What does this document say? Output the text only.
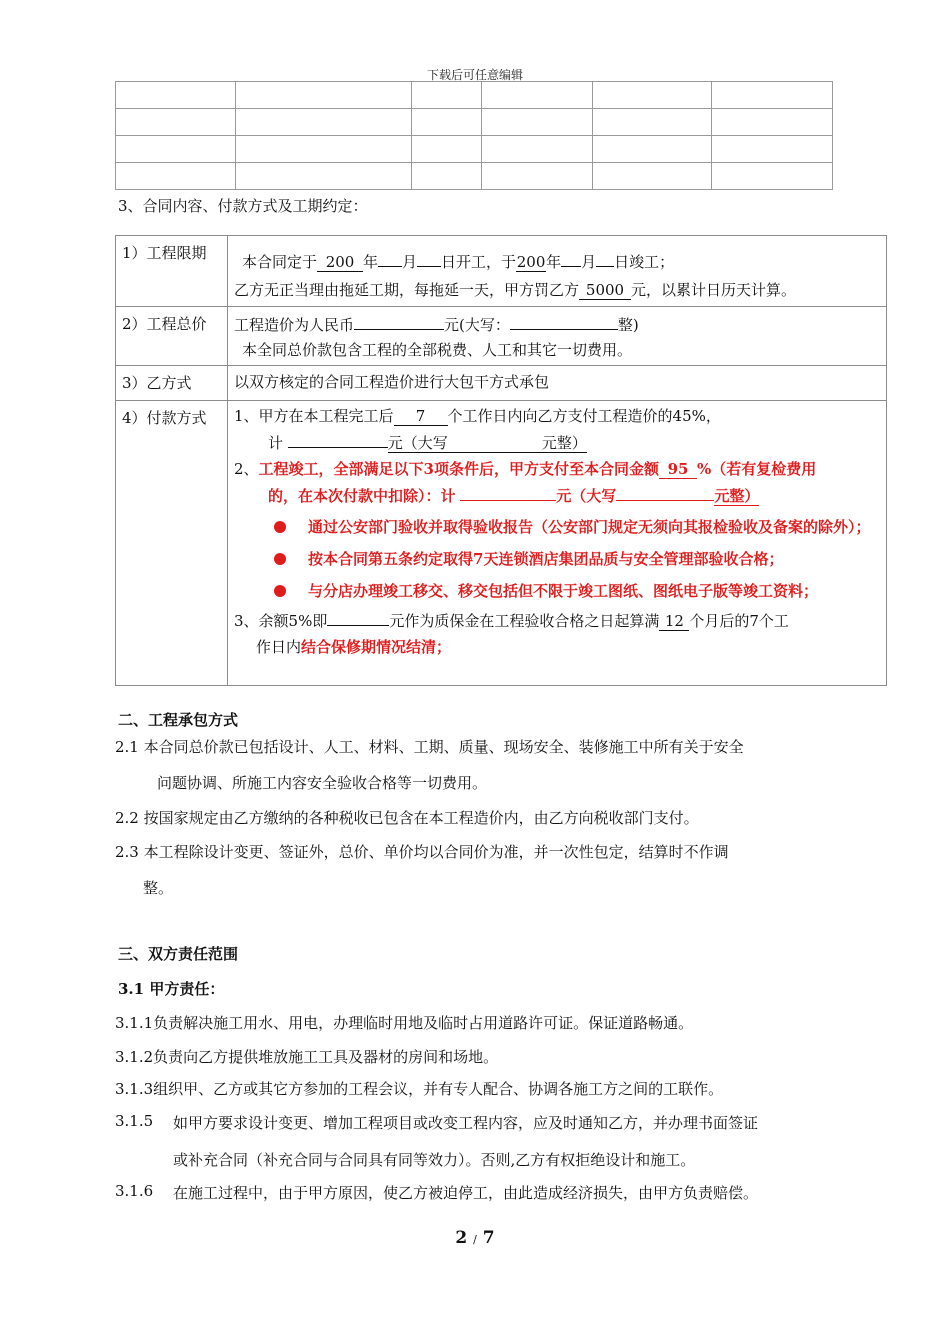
下载后可任意编辑

3、合同内容、付款方式及工期约定：
1）工程限期	本合同定于 200 年 月 日开工，于200年 月 日竣工；
乙方无正当理由拖延工期，每拖延一天，甲方罚乙方 5000 元，以累计日历天计算。
2）工程总价	工程造价为人民币	元(大写：	整)
本全同总价款包含工程的全部税费、人工和其它一切费用。
3）乙方式	以双方核定的合同工程造价进行大包干方式承包
4）付款方式	1、甲方在本工程完工后 7 个工作日内向乙方支付工程造价的45%，
计	元（大写	元整）
2、工程竣工，全部满足以下3项条件后，甲方支付至本合同金额 95 %（若有复检费用
的，在本次付款中扣除）：计	元（大写	元整）
通过公安部门验收并取得验收报告（公安部门规定无须向其报检验收及备案的除外）；
按本合同第五条约定取得7天连锁酒店集团品质与安全管理部验收合格；
与分店办理竣工移交、移交包括但不限于竣工图纸、图纸电子版等竣工资料；
3、余额5%即	元作为质保金在工程验收合格之日起算满 12 个月后的7个工
作日内结合保修期情况结清；
二、工程承包方式
2.1 本合同总价款已包括设计、人工、材料、工期、质量、现场安全、装修施工中所有关于安全
问题协调、所施工内容安全验收合格等一切费用。
2.2 按国家规定由乙方缴纳的各种税收已包含在本工程造价内，由乙方向税收部门支付。
2.3 本工程除设计变更、签证外，总价、单价均以合同价为准，并一次性包定，结算时不作调
整。
三、双方责任范围
3.1 甲方责任：
3.1.1负责解决施工用水、用电，办理临时用地及临时占用道路许可证。保证道路畅通。
3.1.2负责向乙方提供堆放施工工具及器材的房间和场地。
3.1.3组织甲、乙方或其它方参加的工程会议，并有专人配合、协调各施工方之间的工联作。
3.1.5 如甲方要求设计变更、增加工程项目或改变工程内容，应及时通知乙方，并办理书面签证
或补充合同（补充合同与合同具有同等效力）。否则,乙方有权拒绝设计和施工。
3.1.6 在施工过程中，由于甲方原因，使乙方被迫停工，由此造成经济损失，由甲方负责赔偿。
2 / 7
